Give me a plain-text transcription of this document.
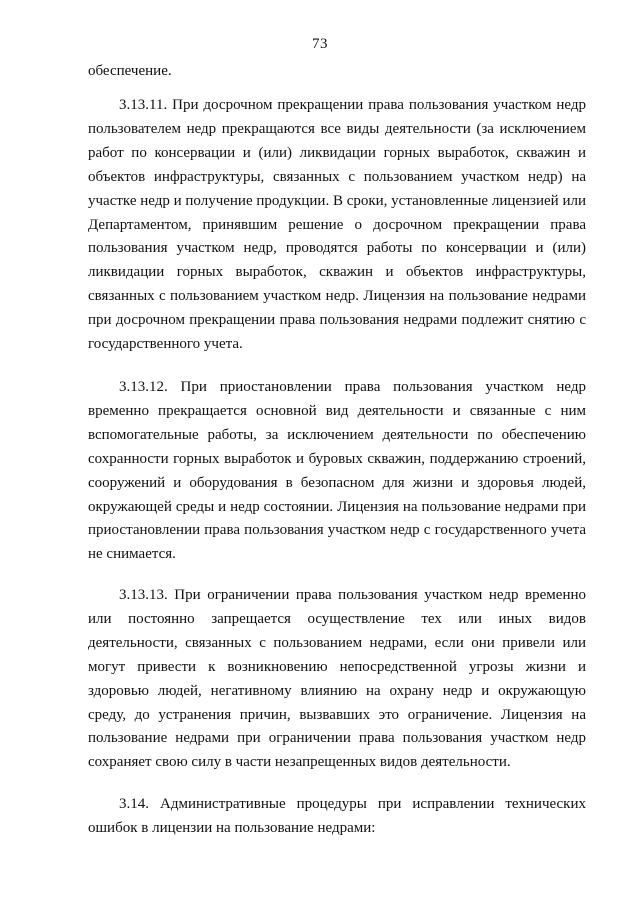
73
обеспечение.
3.13.11. При досрочном прекращении права пользования участком недр пользователем недр прекращаются все виды деятельности (за исключением работ по консервации и (или) ликвидации горных выработок, скважин и объектов инфраструктуры, связанных с пользованием участком недр) на участке недр и получение продукции. В сроки, установленные лицензией или Департаментом, принявшим решение о досрочном прекращении права пользования участком недр, проводятся работы по консервации и (или) ликвидации горных выработок, скважин и объектов инфраструктуры, связанных с пользованием участком недр. Лицензия на пользование недрами при досрочном прекращении права пользования недрами подлежит снятию с государственного учета.
3.13.12. При приостановлении права пользования участком недр временно прекращается основной вид деятельности и связанные с ним вспомогательные работы, за исключением деятельности по обеспечению сохранности горных выработок и буровых скважин, поддержанию строений, сооружений и оборудования в безопасном для жизни и здоровья людей, окружающей среды и недр состоянии. Лицензия на пользование недрами при приостановлении права пользования участком недр с государственного учета не снимается.
3.13.13. При ограничении права пользования участком недр временно или постоянно запрещается осуществление тех или иных видов деятельности, связанных с пользованием недрами, если они привели или могут привести к возникновению непосредственной угрозы жизни и здоровью людей, негативному влиянию на охрану недр и окружающую среду, до устранения причин, вызвавших это ограничение. Лицензия на пользование недрами при ограничении права пользования участком недр сохраняет свою силу в части незапрещенных видов деятельности.
3.14. Административные процедуры при исправлении технических ошибок в лицензии на пользование недрами:
